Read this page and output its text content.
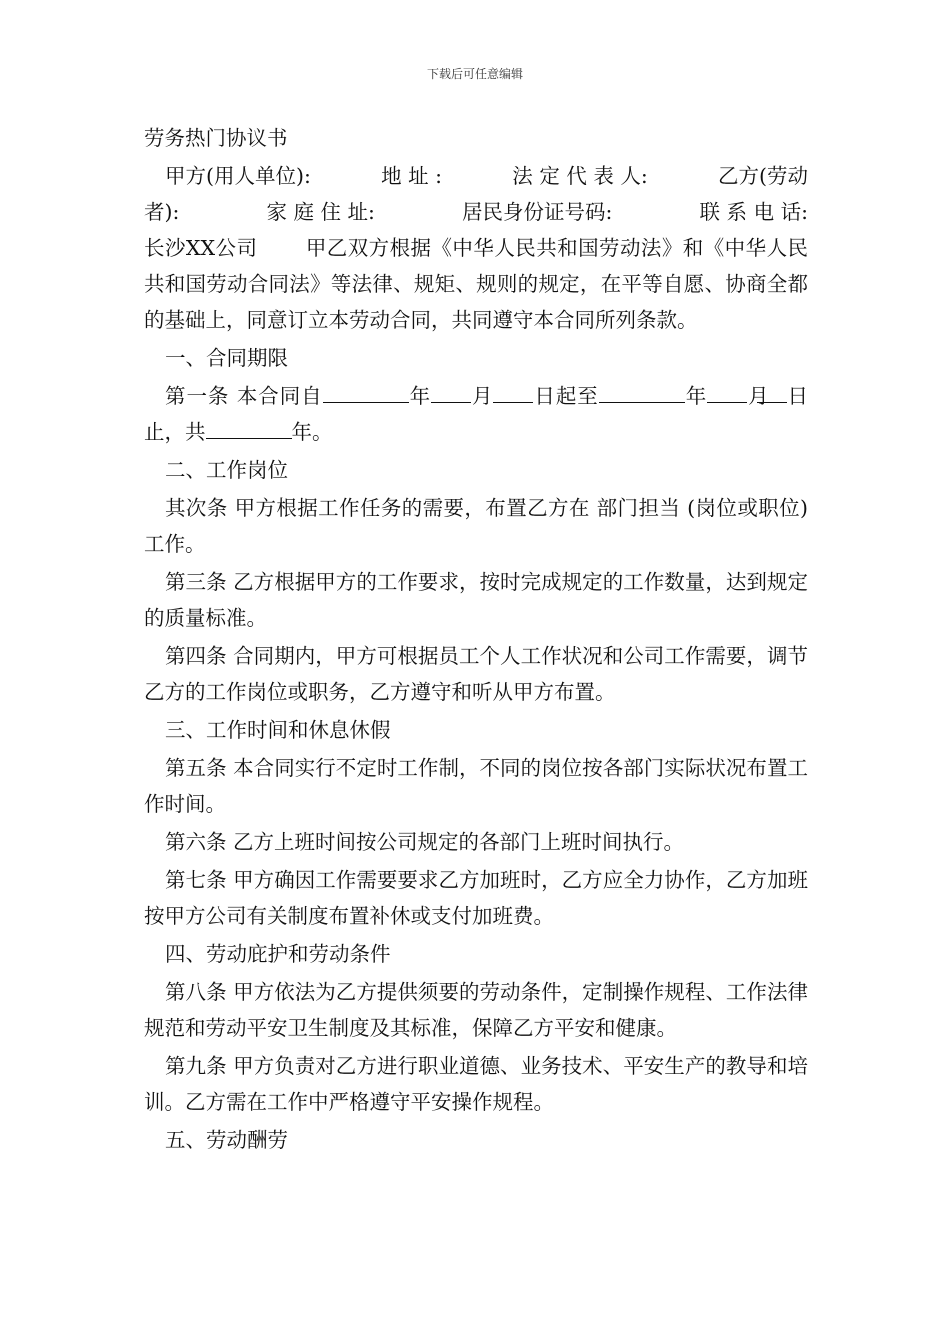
下载后可任意编辑

劳务热门协议书

甲方(用人单位):	地 址 :	法 定 代 表 人:	乙方(劳动
者):	家 庭 住 址:	居民身份证号码:	联 系 电 话:

长沙XX公司 甲乙双方根据《中华人民共和国劳动法》和《中华人民共和国劳动合同法》等法律、规矩、规则的规定，在平等自愿、协商全都的基础上，同意订立本劳动合同，共同遵守本合同所列条款。

一、合同期限

第一条 本合同自	年 月 日起至	年 月 日止，共	年。

二、工作岗位

其次条 甲方根据工作任务的需要，布置乙方在 部门担当 (岗位或职位)工作。

第三条 乙方根据甲方的工作要求，按时完成规定的工作数量，达到规定的质量标准。

第四条 合同期内，甲方可根据员工个人工作状况和公司工作需要，调节乙方的工作岗位或职务，乙方遵守和听从甲方布置。

三、工作时间和休息休假

第五条 本合同实行不定时工作制，不同的岗位按各部门实际状况布置工作时间。

第六条 乙方上班时间按公司规定的各部门上班时间执行。

第七条 甲方确因工作需要要求乙方加班时，乙方应全力协作，乙方加班按甲方公司有关制度布置补休或支付加班费。

四、劳动庇护和劳动条件

第八条 甲方依法为乙方提供须要的劳动条件，定制操作规程、工作法律规范和劳动平安卫生制度及其标准，保障乙方平安和健康。

第九条 甲方负责对乙方进行职业道德、业务技术、平安生产的教导和培训。乙方需在工作中严格遵守平安操作规程。

五、劳动酬劳
